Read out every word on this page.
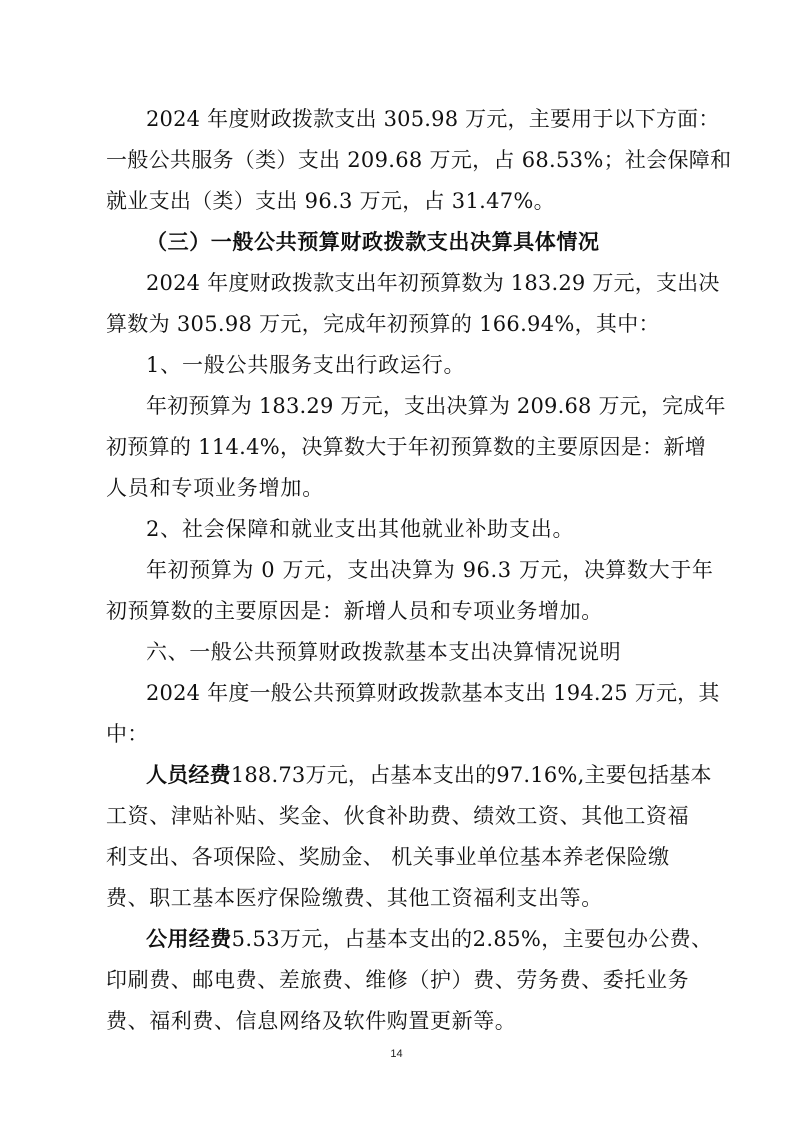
2024 年度财政拨款支出 305.98 万元，主要用于以下方面：
一般公共服务（类）支出 209.68 万元，占 68.53%；社会保障和
就业支出（类）支出 96.3 万元，占 31.47%。
（三）一般公共预算财政拨款支出决算具体情况
2024 年度财政拨款支出年初预算数为 183.29 万元，支出决
算数为 305.98 万元，完成年初预算的 166.94%，其中：
1、一般公共服务支出行政运行。
年初预算为 183.29 万元，支出决算为 209.68 万元，完成年
初预算的 114.4%，决算数大于年初预算数的主要原因是：新增
人员和专项业务增加。
2、社会保障和就业支出其他就业补助支出。
年初预算为 0 万元，支出决算为 96.3 万元，决算数大于年
初预算数的主要原因是：新增人员和专项业务增加。
六、一般公共预算财政拨款基本支出决算情况说明
2024 年度一般公共预算财政拨款基本支出 194.25 万元，其
中：
人员经费188.73万元，占基本支出的97.16%,主要包括基本
工资、津贴补贴、奖金、伙食补助费、绩效工资、其他工资福
利支出、各项保险、奖励金、 机关事业单位基本养老保险缴
费、职工基本医疗保险缴费、其他工资福利支出等。
公用经费5.53万元，占基本支出的2.85%，主要包办公费、
印刷费、邮电费、差旅费、维修（护）费、劳务费、委托业务
费、福利费、信息网络及软件购置更新等。
14
